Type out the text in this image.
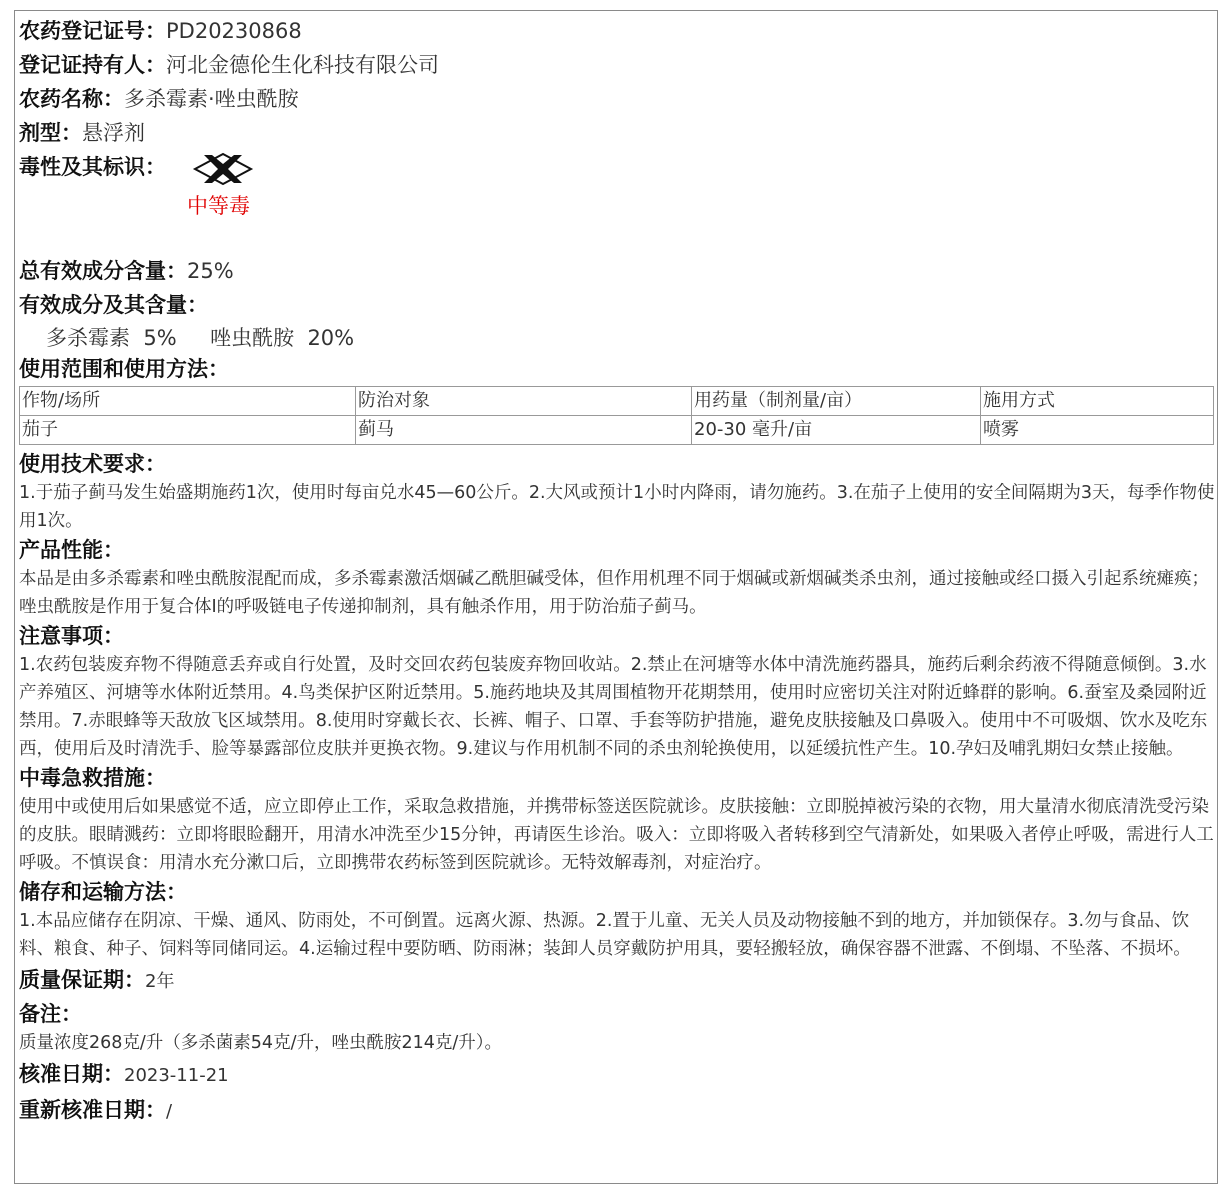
农药登记证号：PD20230868
登记证持有人：河北金德伦生化科技有限公司
农药名称：多杀霉素·唑虫酰胺
剂型：悬浮剂
毒性及其标识：
中等毒
总有效成分含量：25%
有效成分及其含量：
多杀霉素 5% 唑虫酰胺 20%
使用范围和使用方法：
作物/场所	防治对象	用药量（制剂量/亩）	施用方式
茄子	蓟马	20-30 毫升/亩	喷雾
使用技术要求：
1.于茄子蓟马发生始盛期施药1次，使用时每亩兑水45—60公斤。2.大风或预计1小时内降雨，请勿施药。3.在茄子上使用的安全间隔期为3天，每季作物使用1次。
产品性能：
本品是由多杀霉素和唑虫酰胺混配而成，多杀霉素激活烟碱乙酰胆碱受体，但作用机理不同于烟碱或新烟碱类杀虫剂，通过接触或经口摄入引起系统瘫痪；唑虫酰胺是作用于复合体I的呼吸链电子传递抑制剂，具有触杀作用，用于防治茄子蓟马。
注意事项：
1.农药包装废弃物不得随意丢弃或自行处置，及时交回农药包装废弃物回收站。2.禁止在河塘等水体中清洗施药器具，施药后剩余药液不得随意倾倒。3.水产养殖区、河塘等水体附近禁用。4.鸟类保护区附近禁用。5.施药地块及其周围植物开花期禁用，使用时应密切关注对附近蜂群的影响。6.蚕室及桑园附近禁用。7.赤眼蜂等天敌放飞区域禁用。8.使用时穿戴长衣、长裤、帽子、口罩、手套等防护措施，避免皮肤接触及口鼻吸入。使用中不可吸烟、饮水及吃东西，使用后及时清洗手、脸等暴露部位皮肤并更换衣物。9.建议与作用机制不同的杀虫剂轮换使用，以延缓抗性产生。10.孕妇及哺乳期妇女禁止接触。
中毒急救措施：
使用中或使用后如果感觉不适，应立即停止工作，采取急救措施，并携带标签送医院就诊。皮肤接触：立即脱掉被污染的衣物，用大量清水彻底清洗受污染的皮肤。眼睛溅药：立即将眼睑翻开，用清水冲洗至少15分钟，再请医生诊治。吸入：立即将吸入者转移到空气清新处，如果吸入者停止呼吸，需进行人工呼吸。不慎误食：用清水充分漱口后，立即携带农药标签到医院就诊。无特效解毒剂，对症治疗。
储存和运输方法：
1.本品应储存在阴凉、干燥、通风、防雨处，不可倒置。远离火源、热源。2.置于儿童、无关人员及动物接触不到的地方，并加锁保存。3.勿与食品、饮料、粮食、种子、饲料等同储同运。4.运输过程中要防晒、防雨淋；装卸人员穿戴防护用具，要轻搬轻放，确保容器不泄露、不倒塌、不坠落、不损坏。
质量保证期：2年
备注：
质量浓度268克/升（多杀菌素54克/升，唑虫酰胺214克/升）。
核准日期：2023-11-21
重新核准日期：/
